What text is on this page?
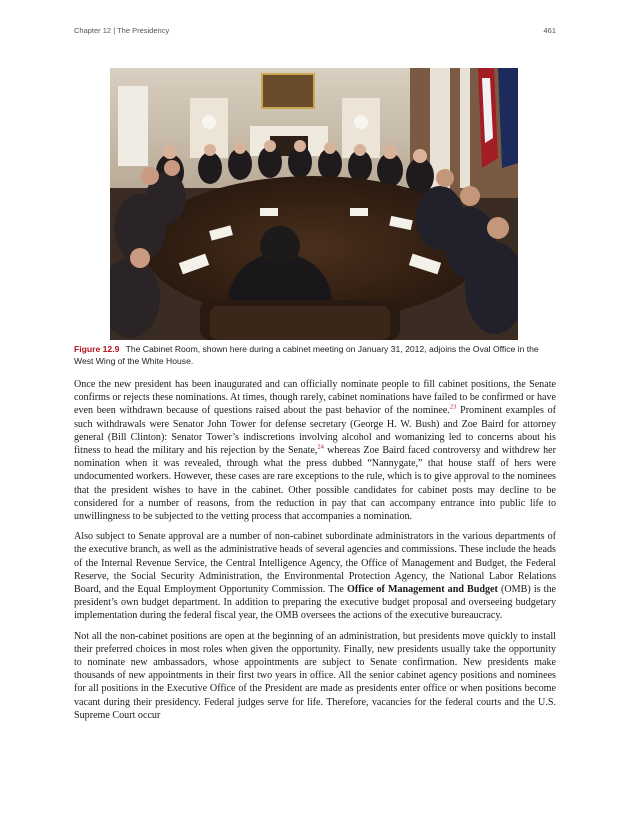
Chapter 12 | The Presidency	461
Figure 12.9 The Cabinet Room, shown here during a cabinet meeting on January 31, 2012, adjoins the Oval Office in the West Wing of the White House.

Once the new president has been inaugurated and can officially nominate people to fill cabinet positions, the Senate confirms or rejects these nominations. At times, though rarely, cabinet nominations have failed to be confirmed or have even been withdrawn because of questions raised about the past behavior of the nominee.$^{23}$ Prominent examples of such withdrawals were Senator John Tower for defense secretary (George H. W. Bush) and Zoe Baird for attorney general (Bill Clinton): Senator Tower’s indiscretions involving alcohol and womanizing led to concerns about his fitness to head the military and his rejection by the Senate,$^{24}$ whereas Zoe Baird faced controversy and withdrew her nomination when it was revealed, through what the press dubbed “Nannygate,” that house staff of hers were undocumented workers. However, these cases are rare exceptions to the rule, which is to give approval to the nominees that the president wishes to have in the cabinet. Other possible candidates for cabinet posts may decline to be considered for a number of reasons, from the reduction in pay that can accompany entrance into public life to unwillingness to be subjected to the vetting process that accompanies a nomination.

Also subject to Senate approval are a number of non-cabinet subordinate administrators in the various departments of the executive branch, as well as the administrative heads of several agencies and commissions. These include the heads of the Internal Revenue Service, the Central Intelligence Agency, the Office of Management and Budget, the Federal Reserve, the Social Security Administration, the Environmental Protection Agency, the National Labor Relations Board, and the Equal Employment Opportunity Commission. The Office of Management and Budget (OMB) is the president’s own budget department. In addition to preparing the executive budget proposal and overseeing budgetary implementation during the federal fiscal year, the OMB oversees the actions of the executive bureaucracy.

Not all the non-cabinet positions are open at the beginning of an administration, but presidents move quickly to install their preferred choices in most roles when given the opportunity. Finally, new presidents usually take the opportunity to nominate new ambassadors, whose appointments are subject to Senate confirmation. New presidents make thousands of new appointments in their first two years in office. All the senior cabinet agency positions and nominees for all positions in the Executive Office of the President are made as presidents enter office or when positions become vacant during their presidency. Federal judges serve for life. Therefore, vacancies for the federal courts and the U.S. Supreme Court occur
